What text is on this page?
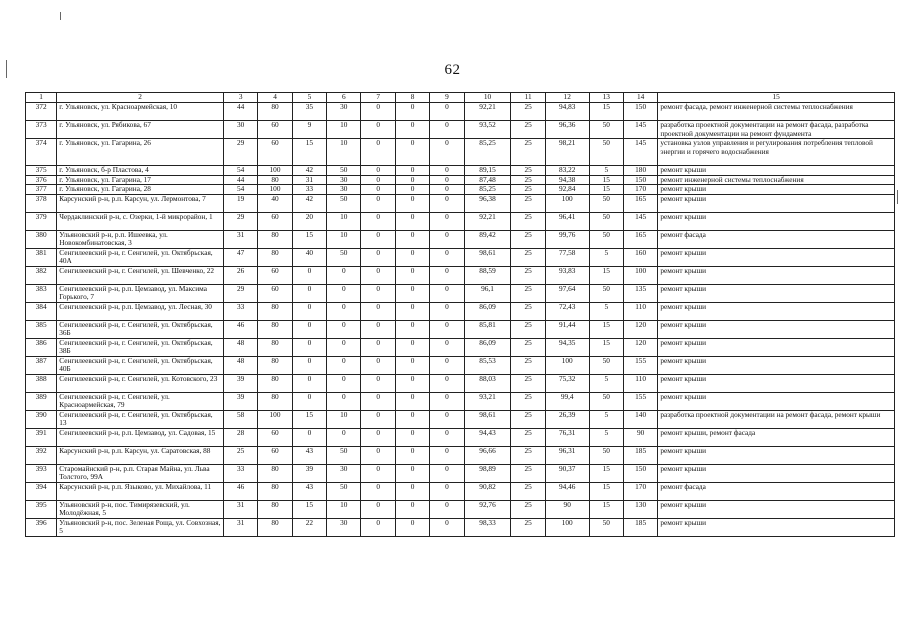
62
1	2	3	4	5	6	7	8	9	10	11	12	13	14	15
372	г. Ульяновск, ул. Красноармейская, 10	44	80	35	30	0	0	0	92,21	25	94,83	15	150	ремонт фасада, ремонт инженерной системы теплоснабжения
373	г. Ульяновск, ул. Рябикова, 67	30	60	9	10	0	0	0	93,52	25	96,36	50	145	разработка проектной документации на ремонт фасада, разработка проектной документации на ремонт фундамента
374	г. Ульяновск, ул. Гагарина, 26	29	60	15	10	0	0	0	85,25	25	98,21	50	145	установка узлов управления и регулирования потребления тепловой энергии и горячего водоснабжения
375	г. Ульяновск, б-р Пластова, 4	54	100	42	50	0	0	0	89,15	25	83,22	5	180	ремонт крыши
376	г. Ульяновск, ул. Гагарина, 17	44	80	31	30	0	0	0	87,48	25	94,38	15	150	ремонт инженерной системы теплоснабжения
377	г. Ульяновск, ул. Гагарина, 28	54	100	33	30	0	0	0	85,25	25	92,84	15	170	ремонт крыши
378	Карсунский р-н, р.п. Карсун, ул. Лермонтова, 7	19	40	42	50	0	0	0	96,38	25	100	50	165	ремонт крыши
379	Чердаклинский р-н, с. Озерки, 1-й микрорайон, 1	29	60	20	10	0	0	0	92,21	25	96,41	50	145	ремонт крыши
380	Ульяновский р-н, р.п. Ишеевка, ул. Новокомбинатовская, 3	31	80	15	10	0	0	0	89,42	25	99,76	50	165	ремонт фасада
381	Сенгилеевский р-н, г. Сенгилей, ул. Октябрьская, 40А	47	80	40	50	0	0	0	98,61	25	77,58	5	160	ремонт крыши
382	Сенгилеевский р-н, г. Сенгилей, ул. Шевченко, 22	26	60	0	0	0	0	0	88,59	25	93,83	15	100	ремонт крыши
383	Сенгилеевский р-н, р.п. Цемзавод, ул. Максима Горького, 7	29	60	0	0	0	0	0	96,1	25	97,64	50	135	ремонт крыши
384	Сенгилеевский р-н, р.п. Цемзавод, ул. Лесная, 30	33	80	0	0	0	0	0	86,09	25	72,43	5	110	ремонт крыши
385	Сенгилеевский р-н, г. Сенгилей, ул. Октябрьская, 36Б	46	80	0	0	0	0	0	85,81	25	91,44	15	120	ремонт крыши
386	Сенгилеевский р-н, г. Сенгилей, ул. Октябрьская, 38Б	48	80	0	0	0	0	0	86,09	25	94,35	15	120	ремонт крыши
387	Сенгилеевский р-н, г. Сенгилей, ул. Октябрьская, 40Б	48	80	0	0	0	0	0	85,53	25	100	50	155	ремонт крыши
388	Сенгилеевский р-н, г. Сенгилей, ул. Котовского, 23	39	80	0	0	0	0	0	88,03	25	75,32	5	110	ремонт крыши
389	Сенгилеевский р-н, г. Сенгилей, ул. Красноармейская, 79	39	80	0	0	0	0	0	93,21	25	99,4	50	155	ремонт крыши
390	Сенгилеевский р-н, г. Сенгилей, ул. Октябрьская, 13	58	100	15	10	0	0	0	98,61	25	26,39	5	140	разработка проектной документации на ремонт фасада, ремонт крыши
391	Сенгилеевский р-н, р.п. Цемзавод, ул. Садовая, 15	28	60	0	0	0	0	0	94,43	25	76,31	5	90	ремонт крыши, ремонт фасада
392	Карсунский р-н, р.п. Карсун, ул. Саратовская, 88	25	60	43	50	0	0	0	96,66	25	96,31	50	185	ремонт крыши
393	Старомайнский р-н, р.п. Старая Майна, ул. Льва Толстого, 99А	33	80	39	30	0	0	0	98,89	25	90,37	15	150	ремонт крыши
394	Карсунский р-н, р.п. Языково, ул. Михайлова, 11	46	80	43	50	0	0	0	90,82	25	94,46	15	170	ремонт фасада
395	Ульяновский р-н, пос. Тимирязевский, ул. Молодёжная, 5	31	80	15	10	0	0	0	92,76	25	90	15	130	ремонт крыши
396	Ульяновский р-н, пос. Зеленая Роща, ул. Совхозная, 5	31	80	22	30	0	0	0	98,33	25	100	50	185	ремонт крыши
